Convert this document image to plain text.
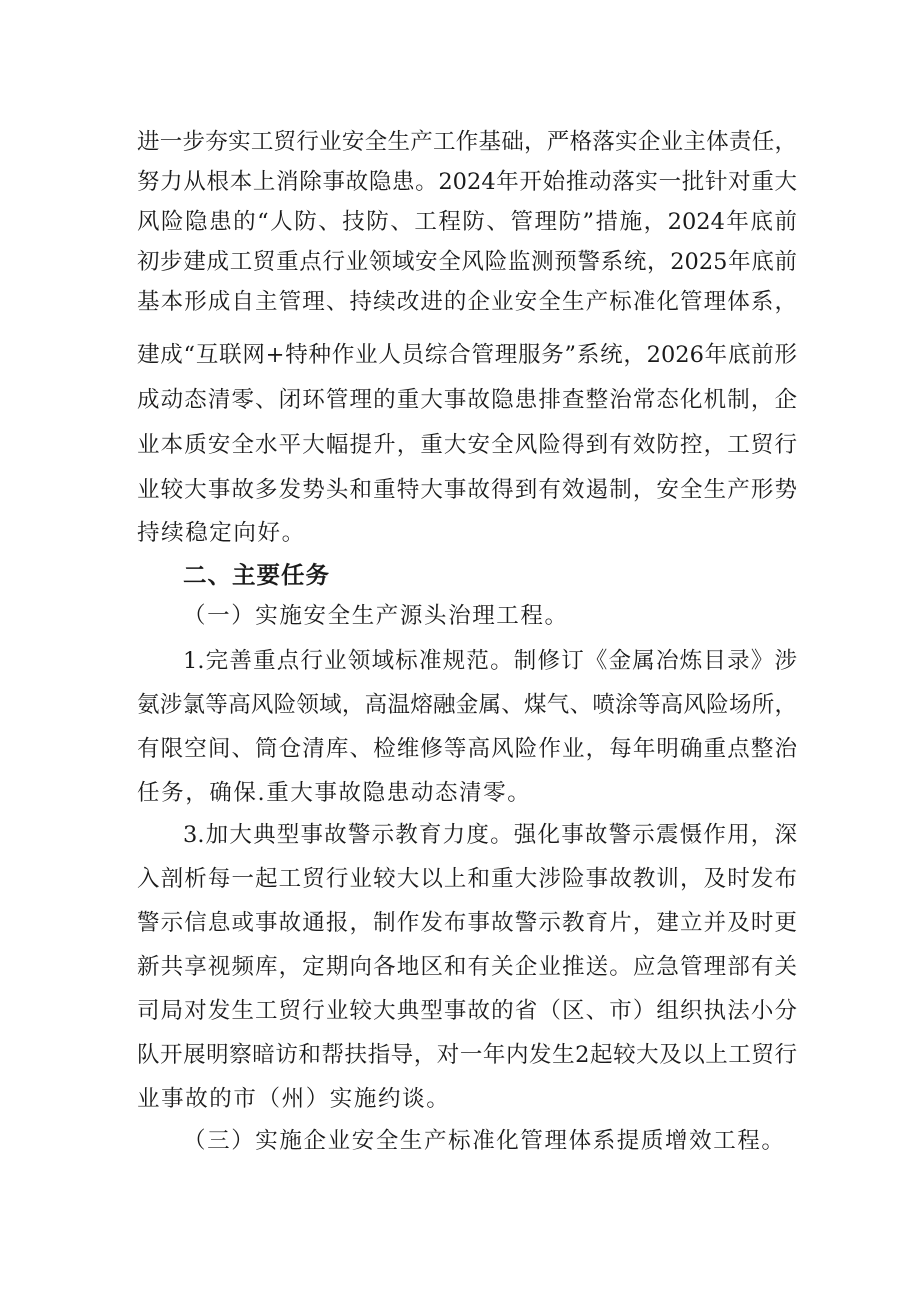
进一步夯实工贸行业安全生产工作基础，严格落实企业主体责任，
努力从根本上消除事故隐患。2024年开始推动落实一批针对重大
风险隐患的“人防、技防、工程防、管理防”措施，2024年底前
初步建成工贸重点行业领域安全风险监测预警系统，2025年底前
基本形成自主管理、持续改进的企业安全生产标准化管理体系，
建成“互联网+特种作业人员综合管理服务”系统，2026年底前形
成动态清零、闭环管理的重大事故隐患排查整治常态化机制，企
业本质安全水平大幅提升，重大安全风险得到有效防控，工贸行
业较大事故多发势头和重特大事故得到有效遏制，安全生产形势
持续稳定向好。
二、主要任务
（一）实施安全生产源头治理工程。
1.完善重点行业领域标准规范。制修订《金属冶炼目录》涉
氨涉氯等高风险领域，高温熔融金属、煤气、喷涂等高风险场所，
有限空间、筒仓清库、检维修等高风险作业，每年明确重点整治
任务，确保.重大事故隐患动态清零。
3.加大典型事故警示教育力度。强化事故警示震慑作用，深
入剖析每一起工贸行业较大以上和重大涉险事故教训，及时发布
警示信息或事故通报，制作发布事故警示教育片，建立并及时更
新共享视频库，定期向各地区和有关企业推送。应急管理部有关
司局对发生工贸行业较大典型事故的省（区、市）组织执法小分
队开展明察暗访和帮扶指导，对一年内发生2起较大及以上工贸行
业事故的市（州）实施约谈。
（三）实施企业安全生产标准化管理体系提质增效工程。
